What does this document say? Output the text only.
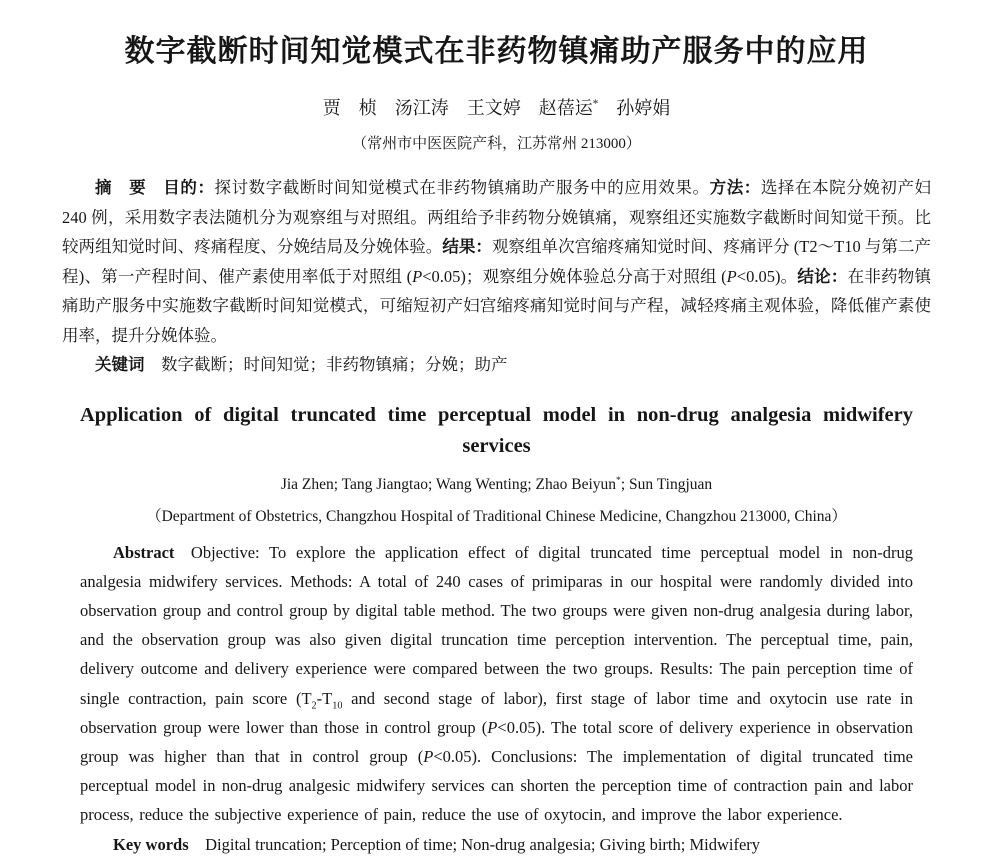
数字截断时间知觉模式在非药物镇痛助产服务中的应用
贾　桢　汤江涛　王文婷　赵蓓运*　孙婷娟
（常州市中医医院产科，江苏常州 213000）

摘　要　 目的：探讨数字截断时间知觉模式在非药物镇痛助产服务中的应用效果。方法：选择在本院分娩初产妇 240 例，采用数字表法随机分为观察组与对照组。两组给予非药物分娩镇痛，观察组还实施数字截断时间知觉干预。比较两组知觉时间、疼痛程度、分娩结局及分娩体验。结果：观察组单次宫缩疼痛知觉时间、疼痛评分 (T2～T10 与第二产程)、第一产程时间、催产素使用率低于对照组 (P<0.05)；观察组分娩体验总分高于对照组 (P<0.05)。结论：在非药物镇痛助产服务中实施数字截断时间知觉模式，可缩短初产妇宫缩疼痛知觉时间与产程，减轻疼痛主观体验，降低催产素使用率，提升分娩体验。

关键词　数字截断；时间知觉；非药物镇痛；分娩；助产

Application of digital truncated time perceptual model in non-drug analgesia midwifery services
Jia Zhen; Tang Jiangtao; Wang Wenting; Zhao Beiyun*; Sun Tingjuan
（Department of Obstetrics, Changzhou Hospital of Traditional Chinese Medicine, Changzhou 213000, China）

Abstract Objective: To explore the application effect of digital truncated time perceptual model in non-drug analgesia midwifery services. Methods: A total of 240 cases of primiparas in our hospital were randomly divided into observation group and control group by digital table method. The two groups were given non-drug analgesia during labor, and the observation group was also given digital truncation time perception intervention. The perceptual time, pain, delivery outcome and delivery experience were compared between the two groups. Results: The pain perception time of single contraction, pain score ($T_2-T_{10}$ and second stage of labor), first stage of labor time and oxytocin use rate in observation group were lower than those in control group (P<0.05). The total score of delivery experience in observation group was higher than that in control group (P<0.05). Conclusions: The implementation of digital truncated time perceptual model in non-drug analgesic midwifery services can shorten the perception time of contraction pain and labor process, reduce the subjective experience of pain, reduce the use of oxytocin, and improve the labor experience.

Key words Digital truncation; Perception of time; Non-drug analgesia; Giving birth; Midwifery
